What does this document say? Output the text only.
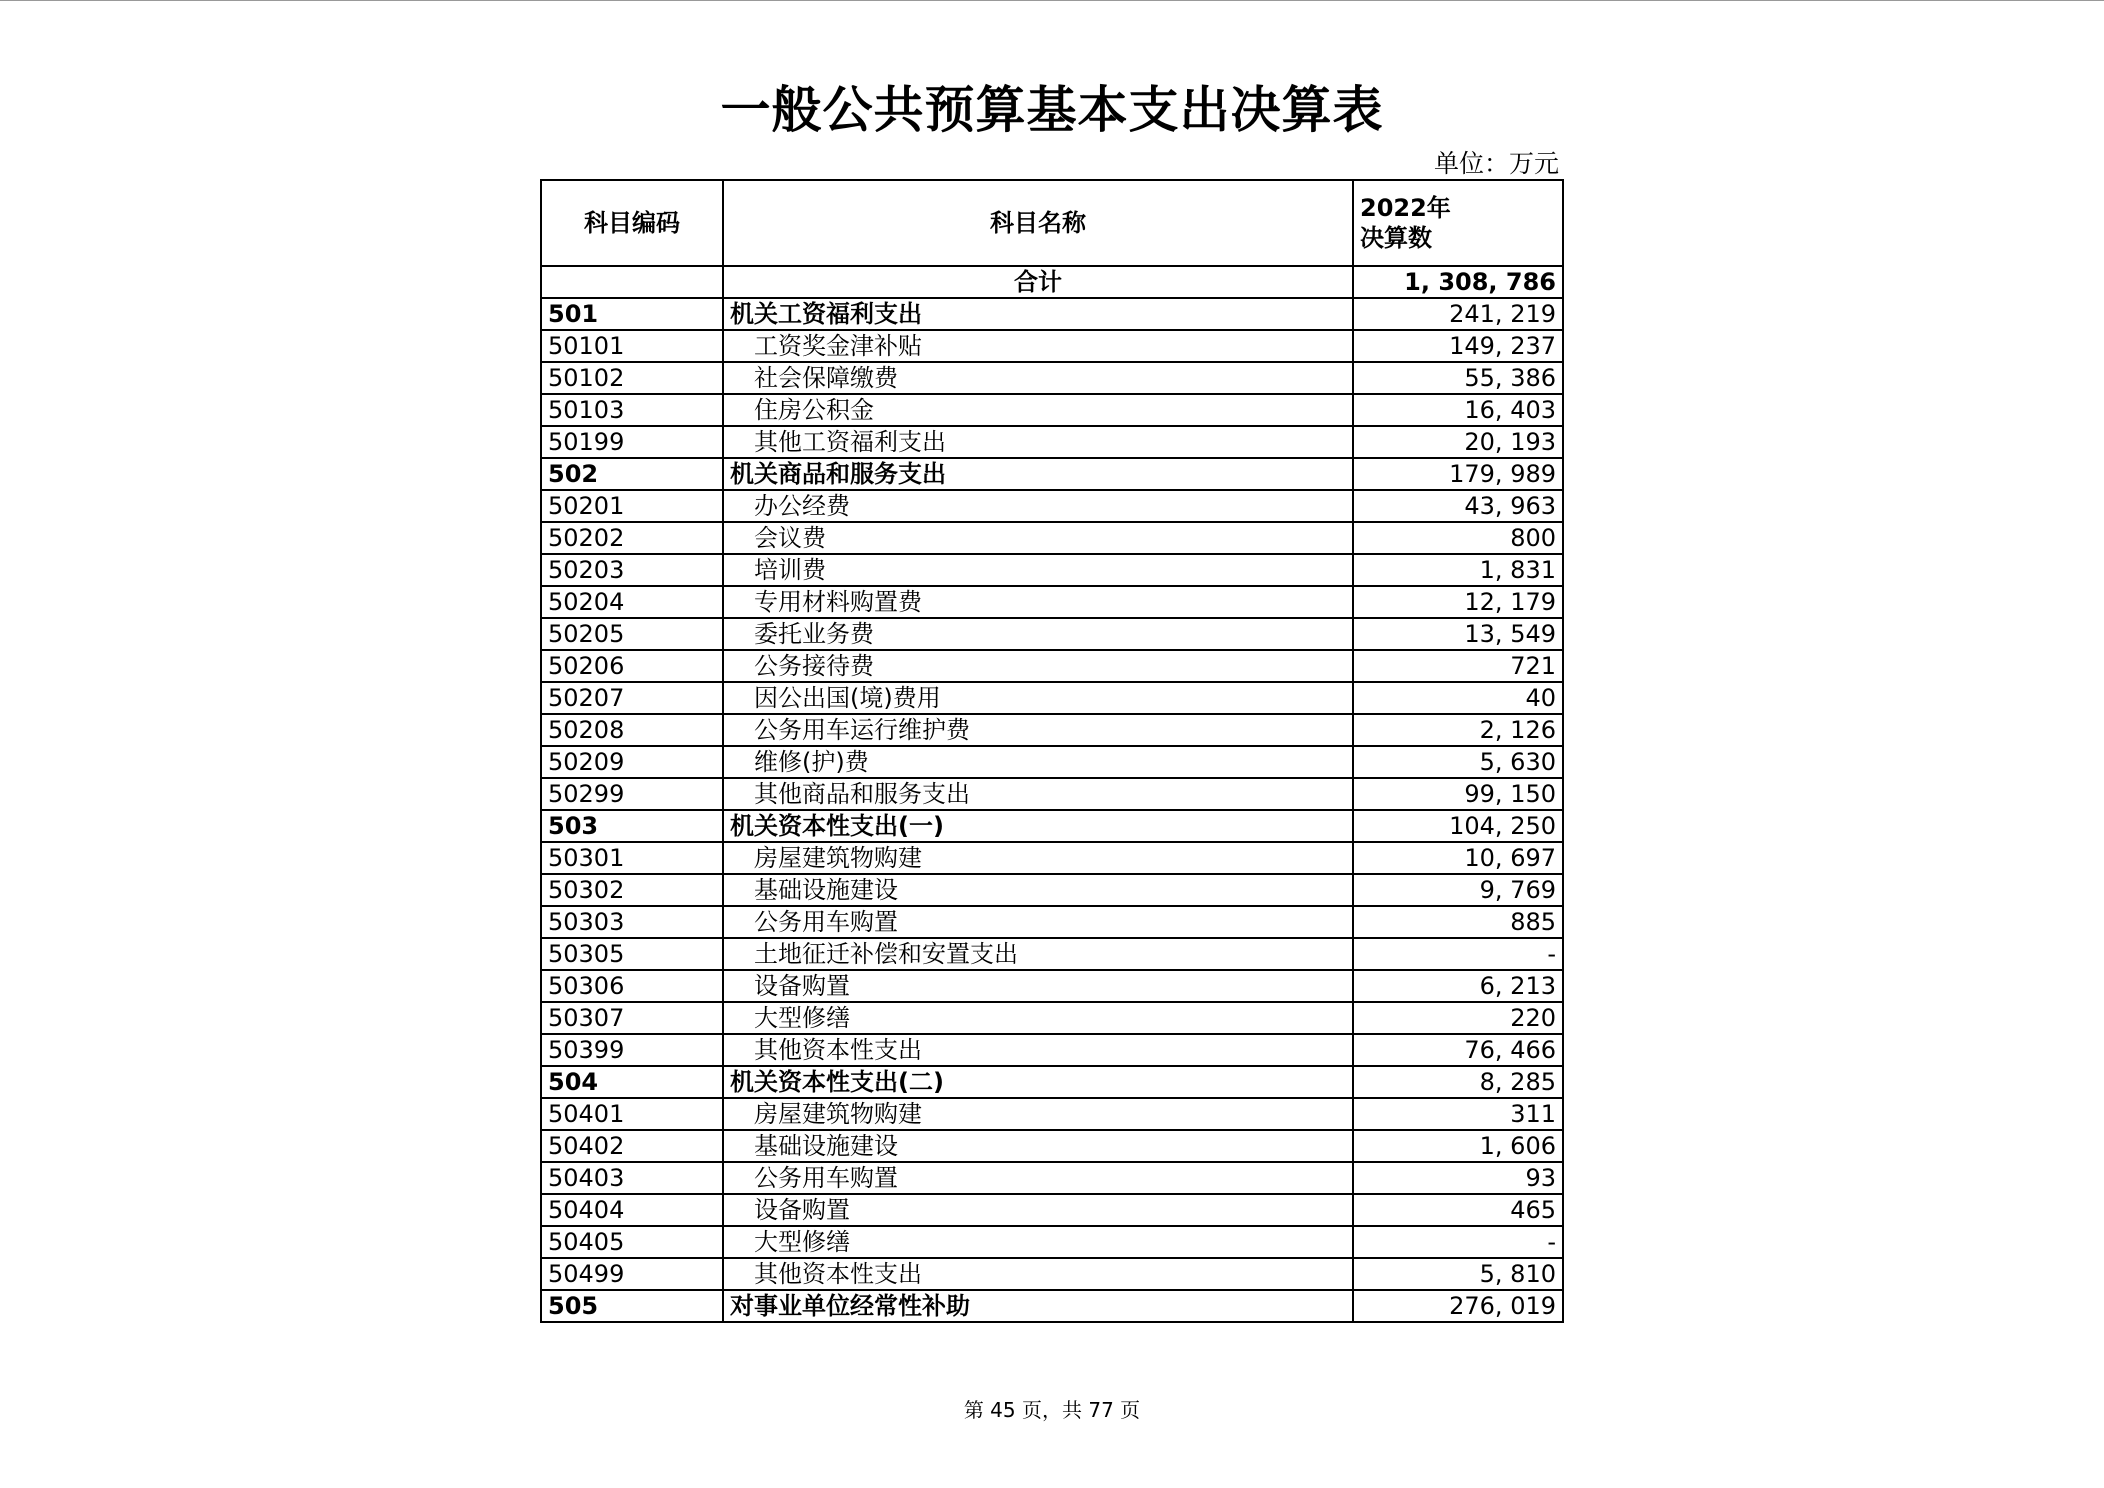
一般公共预算基本支出决算表
单位：万元
科目编码	科目名称	2022年
决算数

	合计	1, 308, 786
501	机关工资福利支出	241, 219
50101	工资奖金津补贴	149, 237
50102	社会保障缴费	55, 386
50103	住房公积金	16, 403
50199	其他工资福利支出	20, 193
502	机关商品和服务支出	179, 989
50201	办公经费	43, 963
50202	会议费	800
50203	培训费	1, 831
50204	专用材料购置费	12, 179
50205	委托业务费	13, 549
50206	公务接待费	721
50207	因公出国(境)费用	40
50208	公务用车运行维护费	2, 126
50209	维修(护)费	5, 630
50299	其他商品和服务支出	99, 150
503	机关资本性支出(一)	104, 250
50301	房屋建筑物购建	10, 697
50302	基础设施建设	9, 769
50303	公务用车购置	885
50305	土地征迁补偿和安置支出	-
50306	设备购置	6, 213
50307	大型修缮	220
50399	其他资本性支出	76, 466
504	机关资本性支出(二)	8, 285
50401	房屋建筑物购建	311
50402	基础设施建设	1, 606
50403	公务用车购置	93
50404	设备购置	465
50405	大型修缮	-
50499	其他资本性支出	5, 810
505	对事业单位经常性补助	276, 019
第 45 页，共 77 页
